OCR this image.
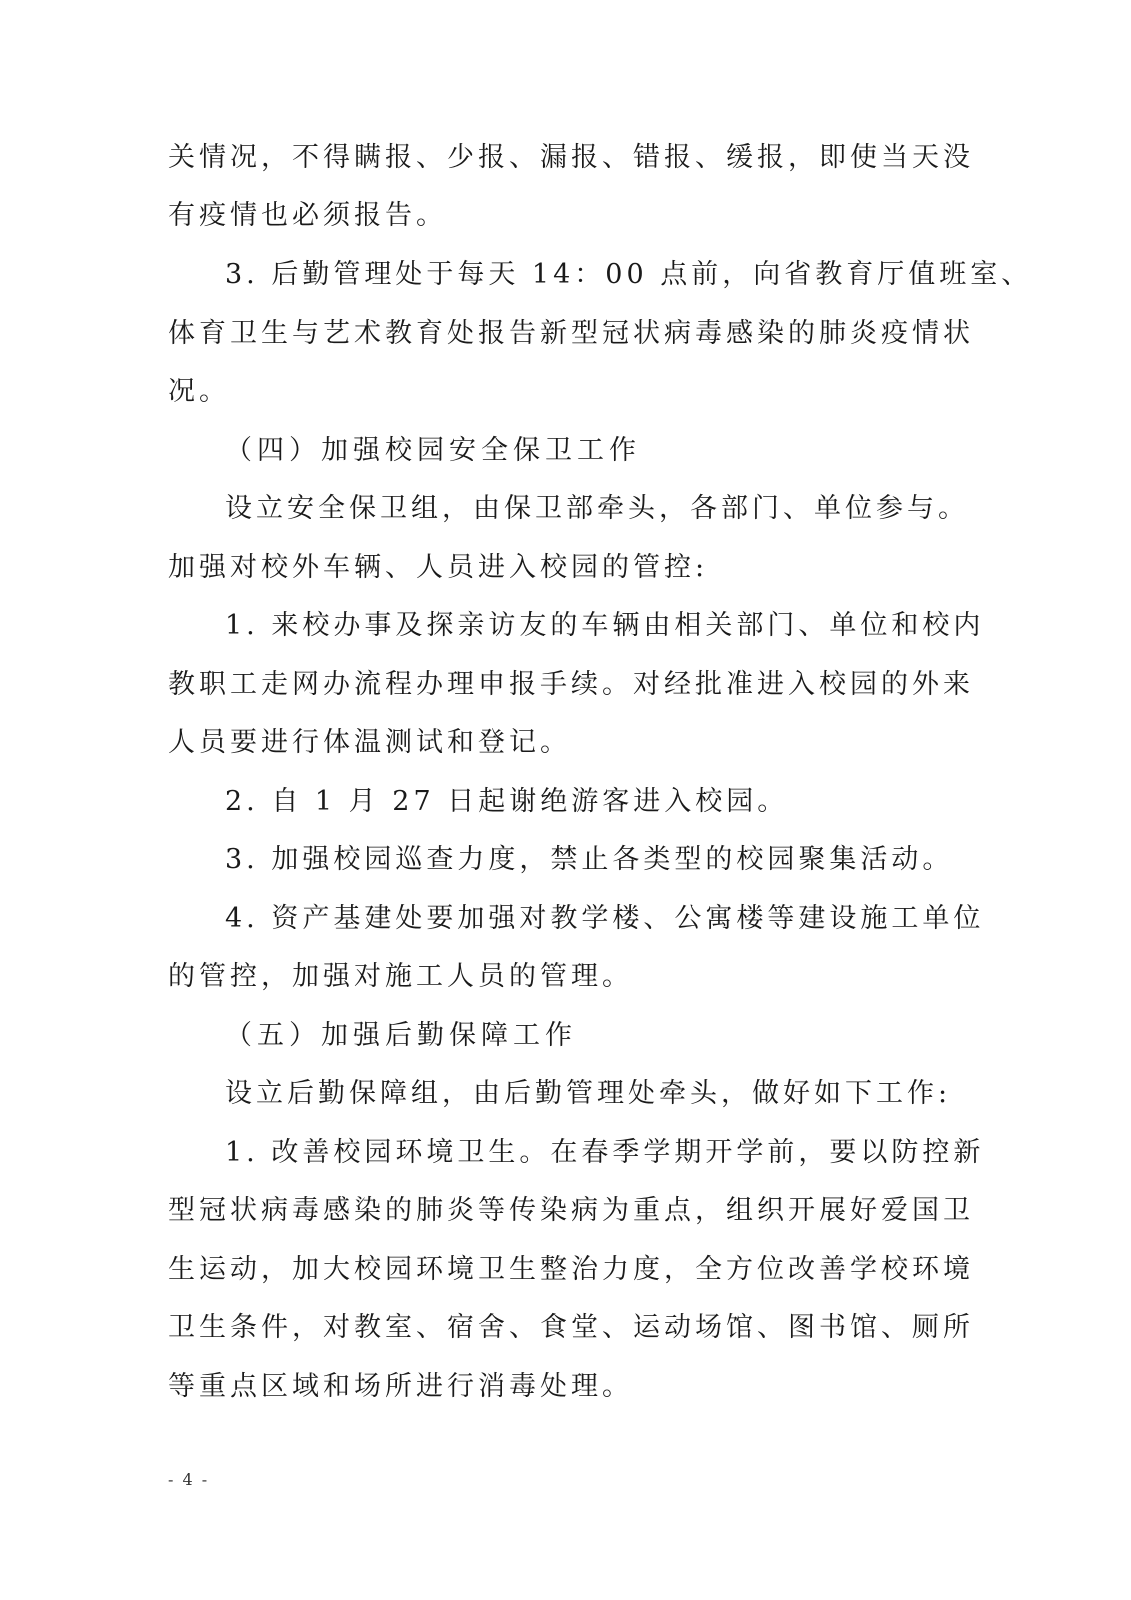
关情况，不得瞒报、少报、漏报、错报、缓报，即使当天没
有疫情也必须报告。
3. 后勤管理处于每天 14：00 点前，向省教育厅值班室、
体育卫生与艺术教育处报告新型冠状病毒感染的肺炎疫情状
况。
（四）加强校园安全保卫工作
设立安全保卫组，由保卫部牵头，各部门、单位参与。
加强对校外车辆、人员进入校园的管控:
1. 来校办事及探亲访友的车辆由相关部门、单位和校内
教职工走网办流程办理申报手续。对经批准进入校园的外来
人员要进行体温测试和登记。
2. 自 1 月 27 日起谢绝游客进入校园。
3. 加强校园巡查力度，禁止各类型的校园聚集活动。
4. 资产基建处要加强对教学楼、公寓楼等建设施工单位
的管控，加强对施工人员的管理。
（五）加强后勤保障工作
设立后勤保障组，由后勤管理处牵头，做好如下工作:
1. 改善校园环境卫生。在春季学期开学前，要以防控新
型冠状病毒感染的肺炎等传染病为重点，组织开展好爱国卫
生运动，加大校园环境卫生整治力度，全方位改善学校环境
卫生条件，对教室、宿舍、食堂、运动场馆、图书馆、厕所
等重点区域和场所进行消毒处理。
- 4 -
